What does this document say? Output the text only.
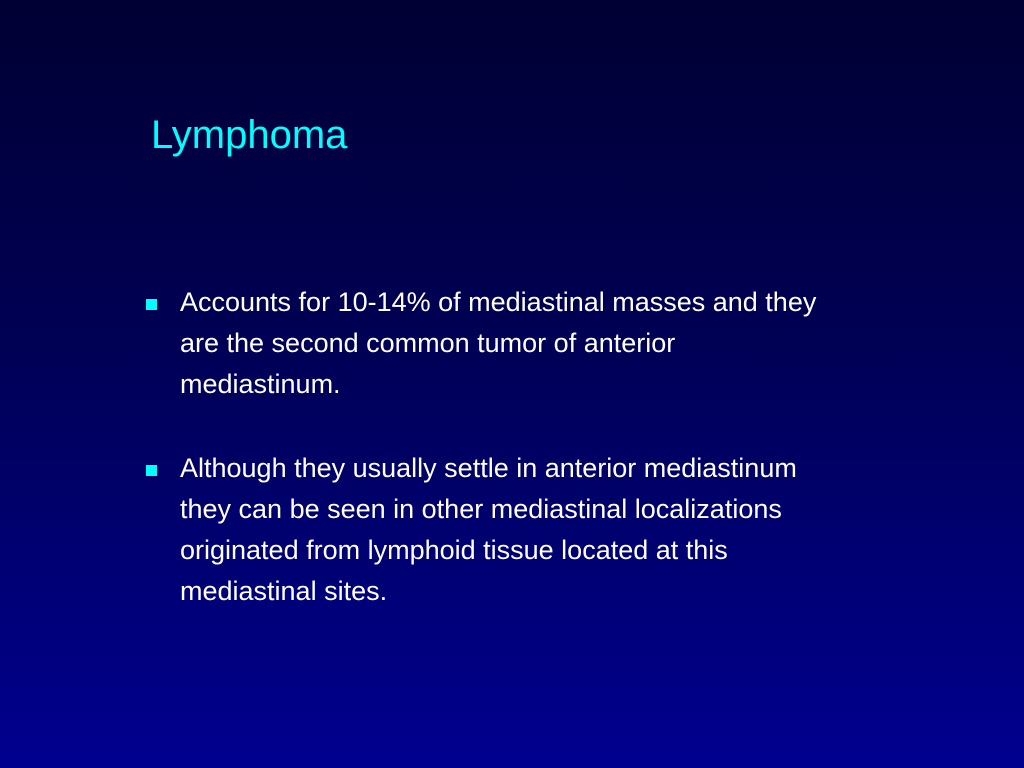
Lymphoma
Accounts for 10-14% of mediastinal masses and they
are the second common tumor of anterior
mediastinum.
Although they usually settle in anterior mediastinum
they can be seen in other mediastinal localizations
originated from lymphoid tissue located at this
mediastinal sites.
